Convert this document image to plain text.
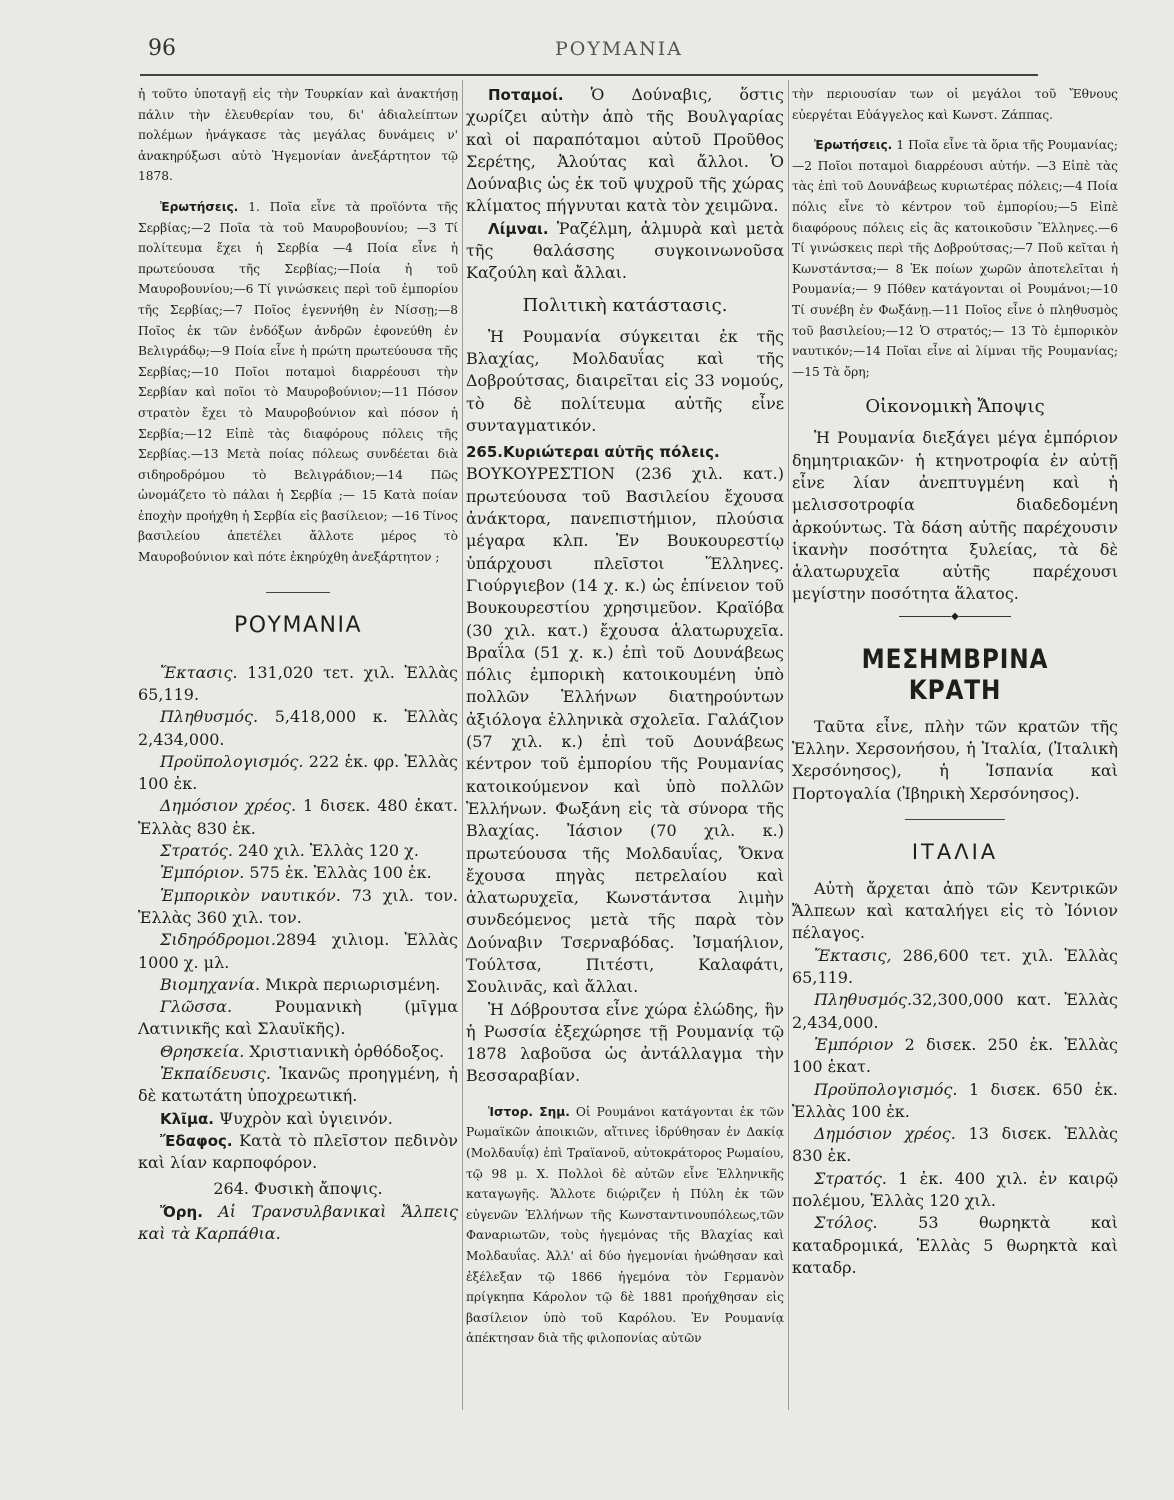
96	ΡΟΥΜΑΝΙΑ

ἡ τοῦτο ὑποταγῇ εἰς τὴν Τουρκίαν καὶ ἀνακτήσῃ πάλιν τὴν ἐλευθερίαν του, δι' ἀδιαλείπτων πολέμων ἠνάγκασε τὰς μεγάλας δυνάμεις ν' ἀνακηρύξωσι αὐτὸ Ἡγεμονίαν ἀνεξάρτητον τῷ 1878.

Ἐρωτήσεις. 1. Ποῖα εἶνε τὰ προϊόντα τῆς Σερβίας;—2 Ποῖα τὰ τοῦ Μαυροβουνίου; —3 Τί πολίτευμα ἔχει ἡ Σερβία —4 Ποία εἶνε ἡ πρωτεύουσα τῆς Σερβίας;—Ποία ἡ τοῦ Μαυροβουνίου;—6 Τί γινώσκεις περὶ τοῦ ἐμπορίου τῆς Σερβίας;—7 Ποῖος ἐγεννήθη ἐν Νίσσῃ;—8 Ποῖος ἐκ τῶν ἐνδόξων ἀνδρῶν ἐφονεύθη ἐν Βελιγράδῳ;—9 Ποία εἶνε ἡ πρώτη πρωτεύουσα τῆς Σερβίας;—10 Ποῖοι ποταμοὶ διαρρέουσι τὴν Σερβίαν καὶ ποῖοι τὸ Μαυροβούνιον;—11 Πόσον στρατὸν ἔχει τὸ Μαυροβούνιον καὶ πόσον ἡ Σερβία;—12 Εἰπὲ τὰς διαφόρους πόλεις τῆς Σερβίας.—13 Μετὰ ποίας πόλεως συνδέεται διὰ σιδηροδρόμου τὸ Βελιγράδιον;—14 Πῶς ὠνομάζετο τὸ πάλαι ἡ Σερβία ;— 15 Κατὰ ποίαν ἐποχὴν προήχθη ἡ Σερβία εἰς βασίλειον; —16 Τίνος βασιλείου ἀπετέλει ἄλλοτε μέρος τὸ Μαυροβούνιον καὶ πότε ἐκηρύχθη ἀνεξάρτητον ;

ΡΟΥΜΑΝΙΑ

Ἔκτασις. 131,020 τετ. χιλ. Ἑλλὰς 65,119.

Πληθυσμός. 5,418,000 κ. Ἑλλὰς 2,434,000.

Προϋπολογισμός. 222 ἑκ. φρ. Ἑλλὰς 100 ἑκ.

Δημόσιον χρέος. 1 δισεκ. 480 ἑκατ. Ἑλλὰς 830 ἑκ.

Στρατός. 240 χιλ. Ἑλλὰς 120 χ.

Ἐμπόριον. 575 ἑκ. Ἑλλὰς 100 ἑκ.

Ἐμπορικὸν ναυτικόν. 73 χιλ. τον. Ἑλλὰς 360 χιλ. τον.

Σιδηρόδρομοι.2894 χιλιομ. Ἑλλὰς 1000 χ. μλ.

Βιομηχανία. Μικρὰ περιωρισμένη.

Γλῶσσα. Ρουμανικὴ (μῖγμα Λατινικῆς καὶ Σλαυϊκῆς).

Θρησκεία. Χριστιανικὴ ὀρθόδοξος.

Ἐκπαίδευσις. Ἱκανῶς προηγμένη, ἡ δὲ κατωτάτη ὑποχρεωτική.

Κλῖμα. Ψυχρὸν καὶ ὑγιεινόν.

Ἔδαφος. Κατὰ τὸ πλεῖστον πεδινὸν καὶ λίαν καρποφόρον.

264. Φυσικὴ ἄποψις.

Ὄρη. Αἱ Τρανσυλβανικαὶ Ἄλπεις καὶ τὰ Καρπάθια.

Ποταμοί. Ὁ Δούναβις, ὅστις χωρίζει αὐτὴν ἀπὸ τῆς Βουλγαρίας καὶ οἱ παραπόταμοι αὐτοῦ Προῦθος Σερέτης, Ἀλούτας καὶ ἄλλοι. Ὁ Δούναβις ὡς ἐκ τοῦ ψυχροῦ τῆς χώρας κλίματος πήγνυται κατὰ τὸν χειμῶνα.

Λίμναι. Ῥαζέλμη, ἁλμυρὰ καὶ μετὰ τῆς θαλάσσης συγκοινωνοῦσα Καζούλη καὶ ἄλλαι.

Πολιτικὴ κατάστασις.

Ἡ Ρουμανία σύγκειται ἐκ τῆς Βλαχίας, Μολδαυΐας καὶ τῆς Δοβρούτσας, διαιρεῖται εἰς 33 νομούς, τὸ δὲ πολίτευμα αὐτῆς εἶνε συνταγματικόν.

265.Κυριώτεραι αὐτῆς πόλεις.

ΒΟΥΚΟΥΡΕΣΤΙΟΝ (236 χιλ. κατ.) πρωτεύουσα τοῦ Βασιλείου ἔχουσα ἀνάκτορα, πανεπιστήμιον, πλούσια μέγαρα κλπ. Ἐν Βουκουρεστίῳ ὑπάρχουσι πλεῖστοι Ἕλληνες. Γιούργιεβον (14 χ. κ.) ὡς ἐπίνειον τοῦ Βουκουρεστίου χρησιμεῦον. Κραϊόβα (30 χιλ. κατ.) ἔχουσα ἁλατωρυχεῖα. Βραΐλα (51 χ. κ.) ἐπὶ τοῦ Δουνάβεως πόλις ἐμπορικὴ κατοικουμένη ὑπὸ πολλῶν Ἑλλήνων διατηρούντων ἀξιόλογα ἑλληνικὰ σχολεῖα. Γαλάζιον (57 χιλ. κ.) ἐπὶ τοῦ Δουνάβεως κέντρον τοῦ ἐμπορίου τῆς Ρουμανίας κατοικούμενον καὶ ὑπὸ πολλῶν Ἑλλήνων. Φωξάνη εἰς τὰ σύνορα τῆς Βλαχίας. Ἰάσιον (70 χιλ. κ.) πρωτεύουσα τῆς Μολδαυΐας, Ὄκνα ἔχουσα πηγὰς πετρελαίου καὶ ἁλατωρυχεῖα, Κωνστάντσα λιμὴν συνδεόμενος μετὰ τῆς παρὰ τὸν Δούναβιν Τσερναβόδας. Ἰσμαήλιον, Τούλτσα, Πιτέστι, Καλαφάτι, Σουλινᾶς, καὶ ἄλλαι.

Ἡ Δόβρουτσα εἶνε χώρα ἐλώδης, ἣν ἡ Ρωσσία ἐξεχώρησε τῇ Ρουμανίᾳ τῷ 1878 λαβοῦσα ὡς ἀντάλλαγμα τὴν Βεσσαραβίαν.

Ἱστορ. Σημ. Οἱ Ρουμάνοι κατάγονται ἐκ τῶν Ρωμαϊκῶν ἀποικιῶν, αἵτινες ἱδρύθησαν ἐν Δακίᾳ (Μολδαυΐᾳ) ἐπὶ Τραϊανοῦ, αὐτοκράτορος Ρωμαίου, τῷ 98 μ. Χ. Πολλοὶ δὲ αὐτῶν εἶνε Ἑλληνικῆς καταγωγῆς. Ἄλλοτε διῴριζεν ἡ Πύλη ἐκ τῶν εὐγενῶν Ἑλλήνων τῆς Κωνσταντινουπόλεως,τῶν Φαναριωτῶν, τοὺς ἡγεμόνας τῆς Βλαχίας καὶ Μολδαυΐας. Ἀλλ' αἱ δύο ἡγεμονίαι ἡνώθησαν καὶ ἐξέλεξαν τῷ 1866 ἡγεμόνα τὸν Γερμανὸν πρίγκηπα Κάρολον τῷ δὲ 1881 προήχθησαν εἰς βασίλειον ὑπὸ τοῦ Καρόλου. Ἐν Ρουμανίᾳ ἀπέκτησαν διὰ τῆς φιλοπονίας αὐτῶν

τὴν περιουσίαν των οἱ μεγάλοι τοῦ Ἔθνους εὐεργέται Εὐάγγελος καὶ Κωνστ. Ζάππας.

Ἐρωτήσεις. 1 Ποῖα εἶνε τὰ ὅρια τῆς Ρουμανίας;—2 Ποῖοι ποταμοὶ διαρρέουσι αὐτήν. —3 Εἰπὲ τὰς τὰς ἐπὶ τοῦ Δουνάβεως κυριωτέρας πόλεις;—4 Ποία πόλις εἶνε τὸ κέντρον τοῦ ἐμπορίου;—5 Εἰπὲ διαφόρους πόλεις εἰς ἃς κατοικοῦσιν Ἕλληνες.—6 Τί γινώσκεις περὶ τῆς Δοβρούτσας;—7 Ποῦ κεῖται ἡ Κωνστάντσα;— 8 Ἐκ ποίων χωρῶν ἀποτελεῖται ἡ Ρουμανία;— 9 Πόθεν κατάγονται οἱ Ρουμάνοι;—10 Τί συνέβη ἐν Φωξάνῃ.—11 Ποῖος εἶνε ὁ πληθυσμὸς τοῦ βασιλείου;—12 Ὁ στρατός;— 13 Τὸ ἐμπορικὸν ναυτικόν;—14 Ποῖαι εἶνε αἱ λίμναι τῆς Ρουμανίας;—15 Τὰ ὄρη;

Οἰκονομικὴ Ἄποψις

Ἡ Ρουμανία διεξάγει μέγα ἐμπόριον δημητριακῶν· ἡ κτηνοτροφία ἐν αὐτῇ εἶνε λίαν ἀνεπτυγμένη καὶ ἡ μελισσοτροφία διαδεδομένη ἀρκούντως. Τὰ δάση αὐτῆς παρέχουσιν ἱκανὴν ποσότητα ξυλείας, τὰ δὲ ἁλατωρυχεῖα αὐτῆς παρέχουσι μεγίστην ποσότητα ἅλατος.

◆
ΜΕΣΗΜΒΡΙΝΑ ΚΡΑΤΗ

Ταῦτα εἶνε, πλὴν τῶν κρατῶν τῆς Ἑλλην. Χερσονήσου, ἡ Ἰταλία, (Ἰταλικὴ Χερσόνησος), ἡ Ἱσπανία καὶ Πορτογαλία (Ἰβηρικὴ Χερσόνησος).

ΙΤΑΛΙΑ

Αὐτὴ ἄρχεται ἀπὸ τῶν Κεντρικῶν Ἄλπεων καὶ καταλήγει εἰς τὸ Ἰόνιον πέλαγος.

Ἔκτασις, 286,600 τετ. χιλ. Ἑλλὰς 65,119.

Πληθυσμός.32,300,000 κατ. Ἑλλὰς 2,434,000.

Ἐμπόριον 2 δισεκ. 250 ἑκ. Ἑλλὰς 100 ἑκατ.

Προϋπολογισμός. 1 δισεκ. 650 ἑκ. Ἑλλὰς 100 ἑκ.

Δημόσιον χρέος. 13 δισεκ. Ἑλλὰς 830 ἑκ.

Στρατός. 1 ἑκ. 400 χιλ. ἐν καιρῷ πολέμου, Ἑλλὰς 120 χιλ.

Στόλος. 53 θωρηκτὰ καὶ καταδρομικά, Ἑλλὰς 5 θωρηκτὰ καὶ καταδρ.
